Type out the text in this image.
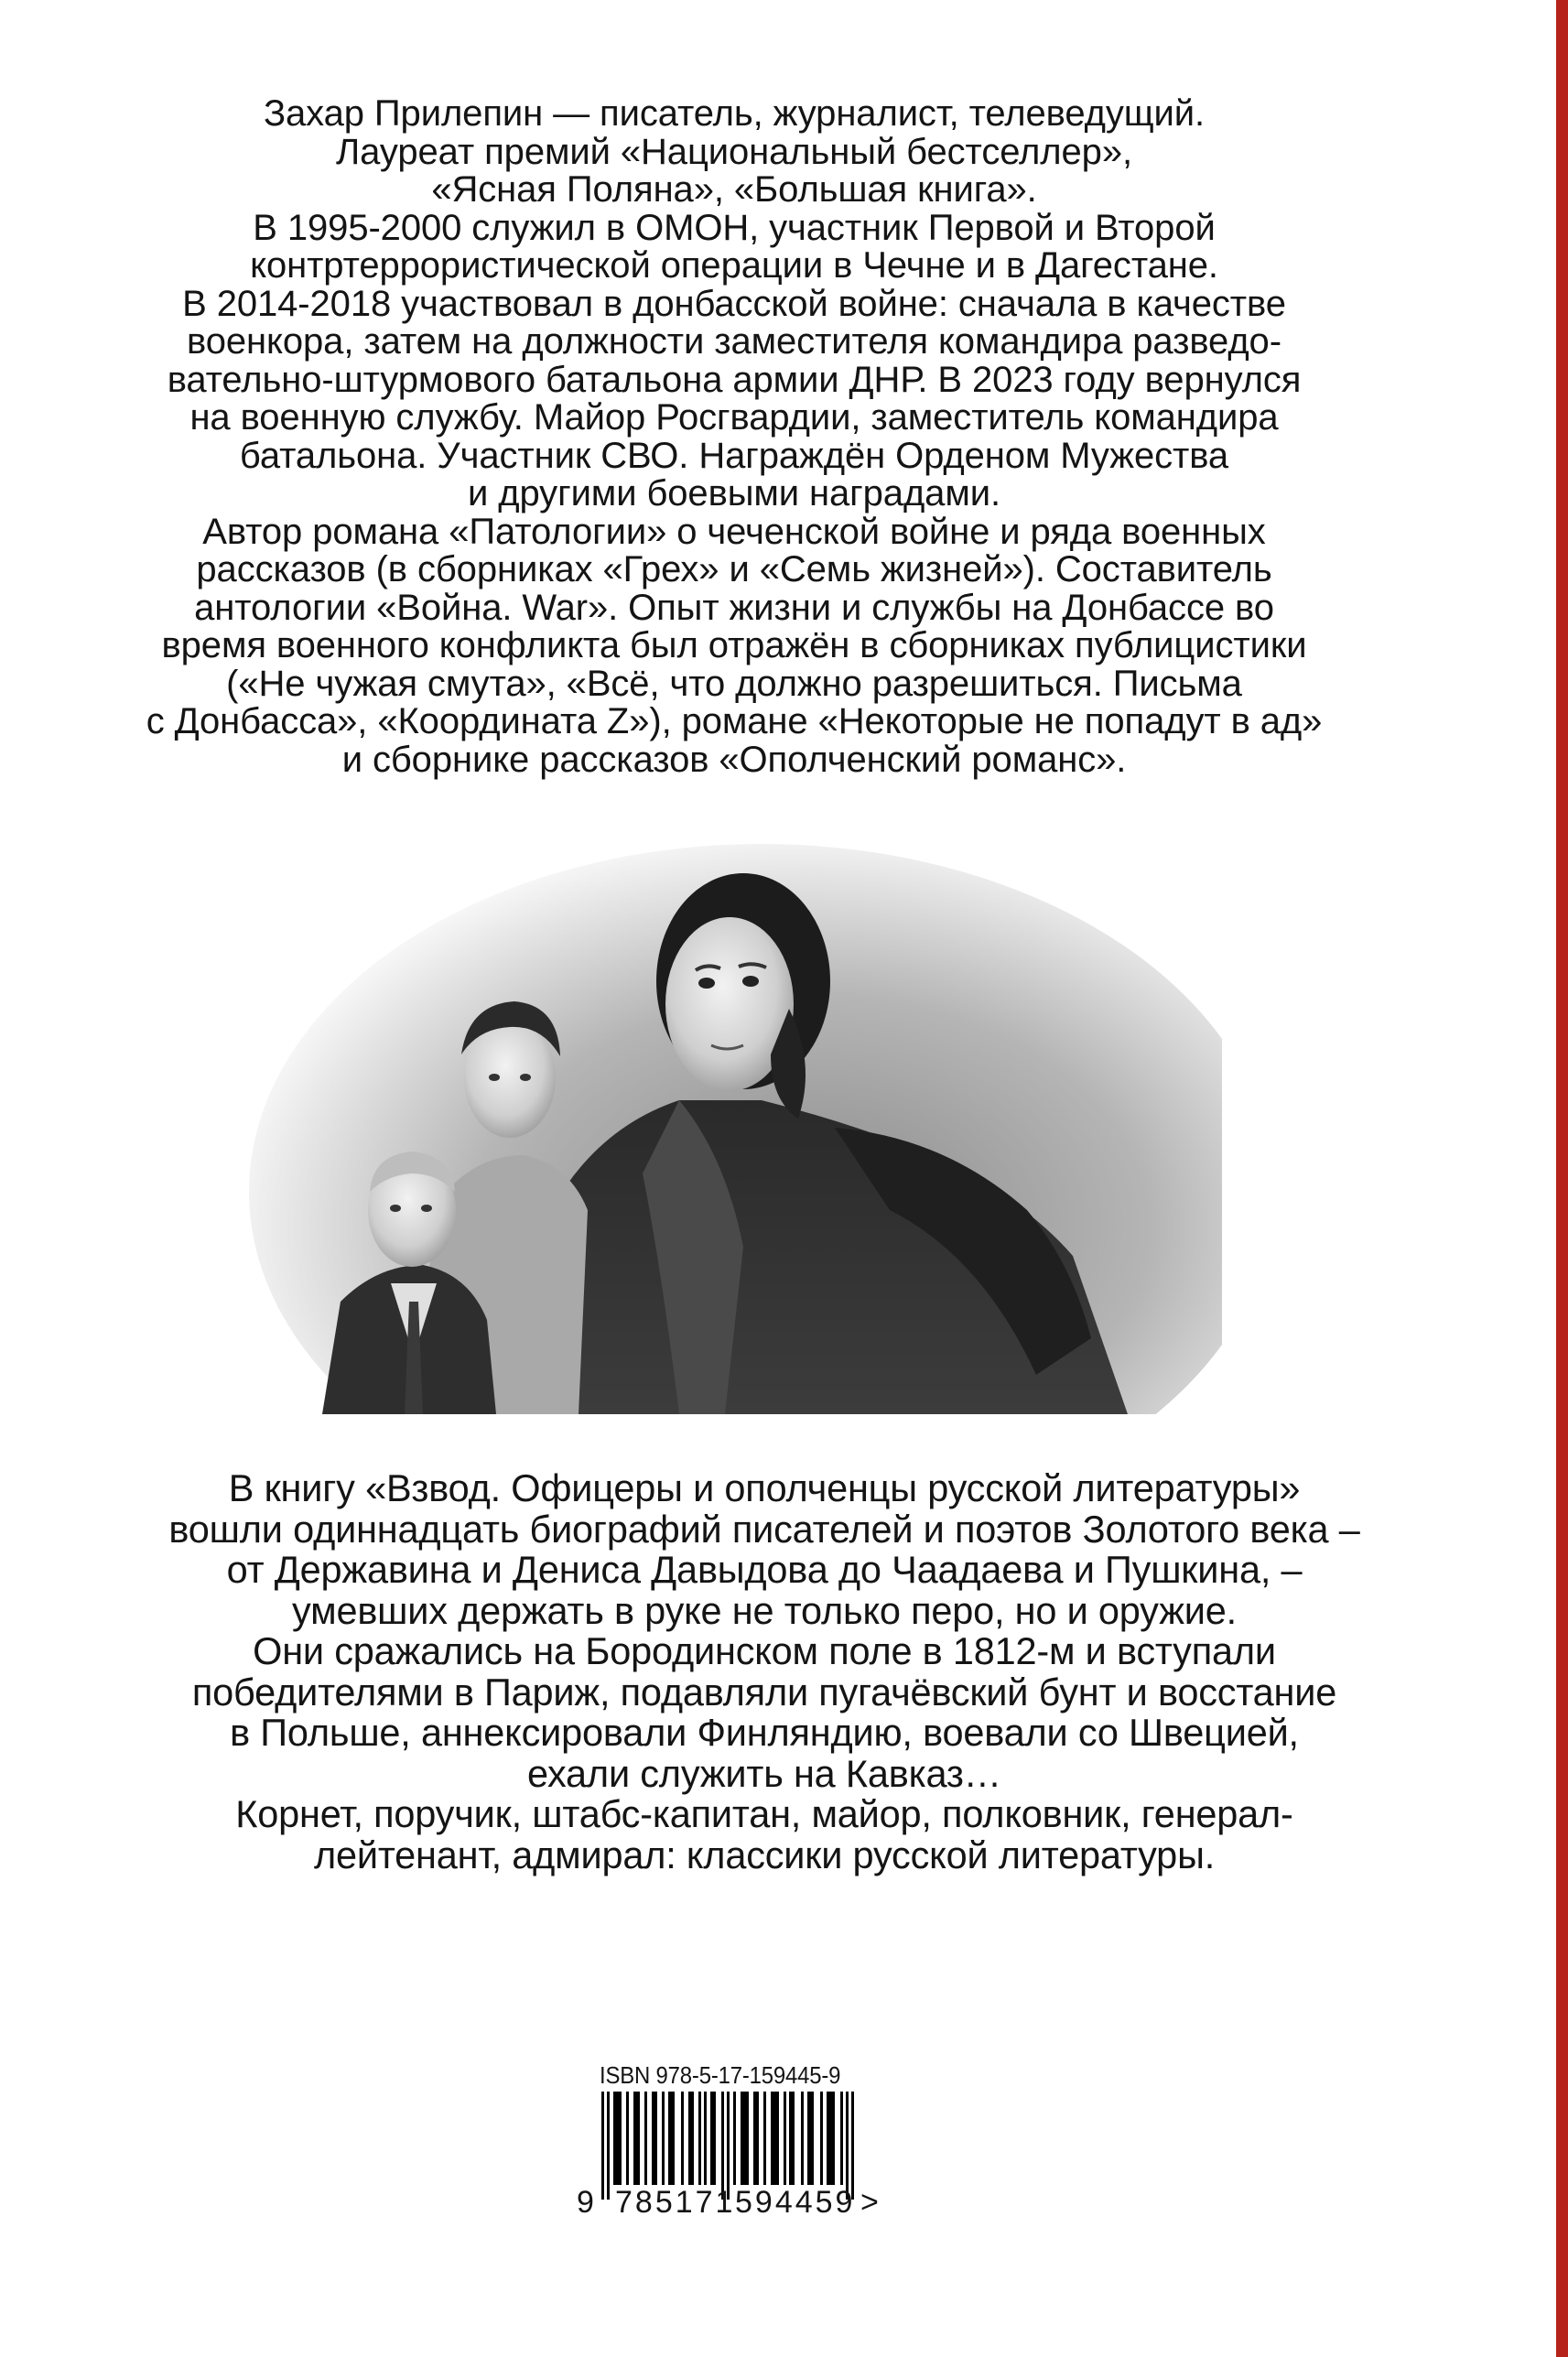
Захар Прилепин — писатель, журналист, телеведущий.
Лауреат премий «Национальный бестселлер»,
«Ясная Поляна», «Большая книга».
В 1995-2000 служил в ОМОН, участник Первой и Второй
контртеррористической операции в Чечне и в Дагестане.
В 2014-2018 участвовал в донбасской войне: сначала в качестве
военкора, затем на должности заместителя командира разведо-
вательно-штурмового батальона армии ДНР. В 2023 году вернулся
на военную службу. Майор Росгвардии, заместитель командира
батальона. Участник СВО. Награждён Орденом Мужества
и другими боевыми наградами.
Автор романа «Патологии» о чеченской войне и ряда военных
рассказов (в сборниках «Грех» и «Семь жизней»). Составитель
антологии «Война. War». Опыт жизни и службы на Донбассе во
время военного конфликта был отражён в сборниках публицистики
(«Не чужая смута», «Всё, что должно разрешиться. Письма
с Донбасса», «Координата Z»), романе «Некоторые не попадут в ад»
и сборнике рассказов «Ополченский романс».
В книгу «Взвод. Офицеры и ополченцы русской литературы»
вошли одиннадцать биографий писателей и поэтов Золотого века –
от Державина и Дениса Давыдова до Чаадаева и Пушкина, –
умевших держать в руке не только перо, но и оружие.
Они сражались на Бородинском поле в 1812-м и вступали
победителями в Париж, подавляли пугачёвский бунт и восстание
в Польше, аннексировали Финляндию, воевали со Швецией,
ехали служить на Кавказ…
Корнет, поручик, штабс-капитан, майор, полковник, генерал-
лейтенант, адмирал: классики русской литературы.
ISBN 978-5-17-159445-9
9 785171 594459 >
